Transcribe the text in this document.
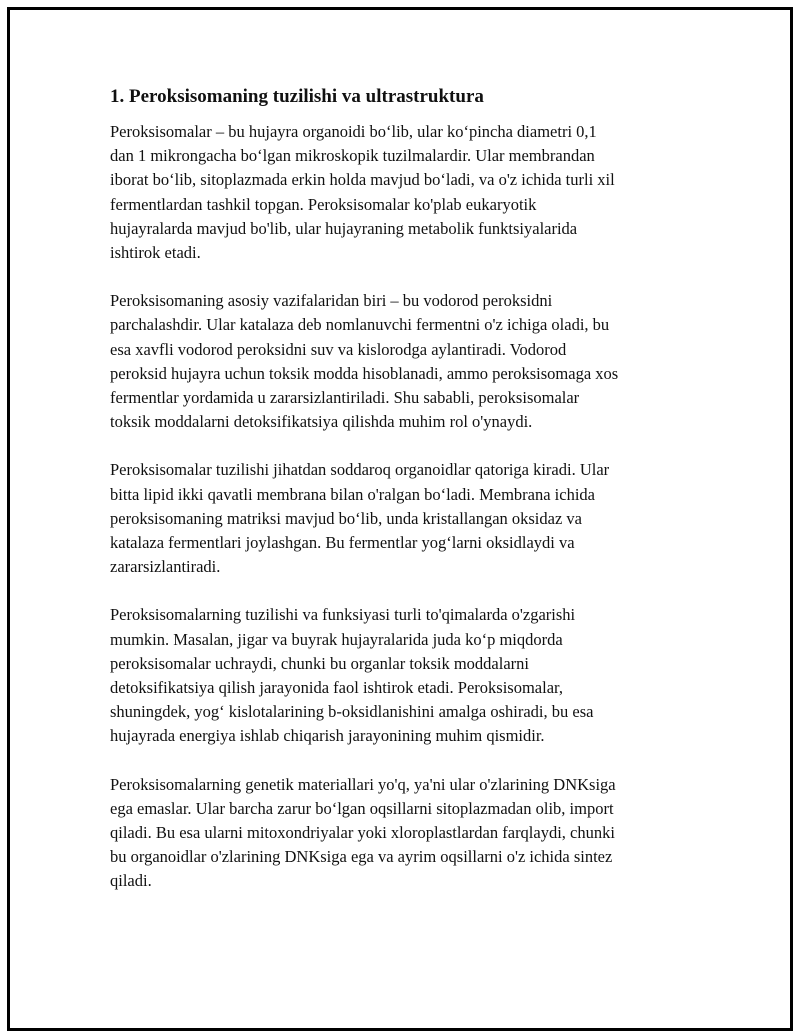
1. Peroksisomaning tuzilishi va ultrastruktura
Peroksisomalar – bu hujayra organoidi bo‘lib, ular ko‘pincha diametri 0,1
dan 1 mikrongacha bo‘lgan mikroskopik tuzilmalardir. Ular membrandan
iborat bo‘lib, sitoplazmada erkin holda mavjud bo‘ladi, va o'z ichida turli xil
fermentlardan tashkil topgan. Peroksisomalar ko'plab eukaryotik
hujayralarda mavjud bo'lib, ular hujayraning metabolik funktsiyalarida
ishtirok etadi.
Peroksisomaning asosiy vazifalaridan biri – bu vodorod peroksidni
parchalashdir. Ular katalaza deb nomlanuvchi fermentni o'z ichiga oladi, bu
esa xavfli vodorod peroksidni suv va kislorodga aylantiradi. Vodorod
peroksid hujayra uchun toksik modda hisoblanadi, ammo peroksisomaga xos
fermentlar yordamida u zararsizlantiriladi. Shu sababli, peroksisomalar
toksik moddalarni detoksifikatsiya qilishda muhim rol o'ynaydi.
Peroksisomalar tuzilishi jihatdan soddaroq organoidlar qatoriga kiradi. Ular
bitta lipid ikki qavatli membrana bilan o'ralgan bo‘ladi. Membrana ichida
peroksisomaning matriksi mavjud bo‘lib, unda kristallangan oksidaz va
katalaza fermentlari joylashgan. Bu fermentlar yog‘larni oksidlaydi va
zararsizlantiradi.
Peroksisomalarning tuzilishi va funksiyasi turli to'qimalarda o'zgarishi
mumkin. Masalan, jigar va buyrak hujayralarida juda ko‘p miqdorda
peroksisomalar uchraydi, chunki bu organlar toksik moddalarni
detoksifikatsiya qilish jarayonida faol ishtirok etadi. Peroksisomalar,
shuningdek, yog‘ kislotalarining b-oksidlanishini amalga oshiradi, bu esa
hujayrada energiya ishlab chiqarish jarayonining muhim qismidir.
Peroksisomalarning genetik materiallari yo'q, ya'ni ular o'zlarining DNKsiga
ega emaslar. Ular barcha zarur bo‘lgan oqsillarni sitoplazmadan olib, import
qiladi. Bu esa ularni mitoxondriyalar yoki xloroplastlardan farqlaydi, chunki
bu organoidlar o'zlarining DNKsiga ega va ayrim oqsillarni o'z ichida sintez
qiladi.
